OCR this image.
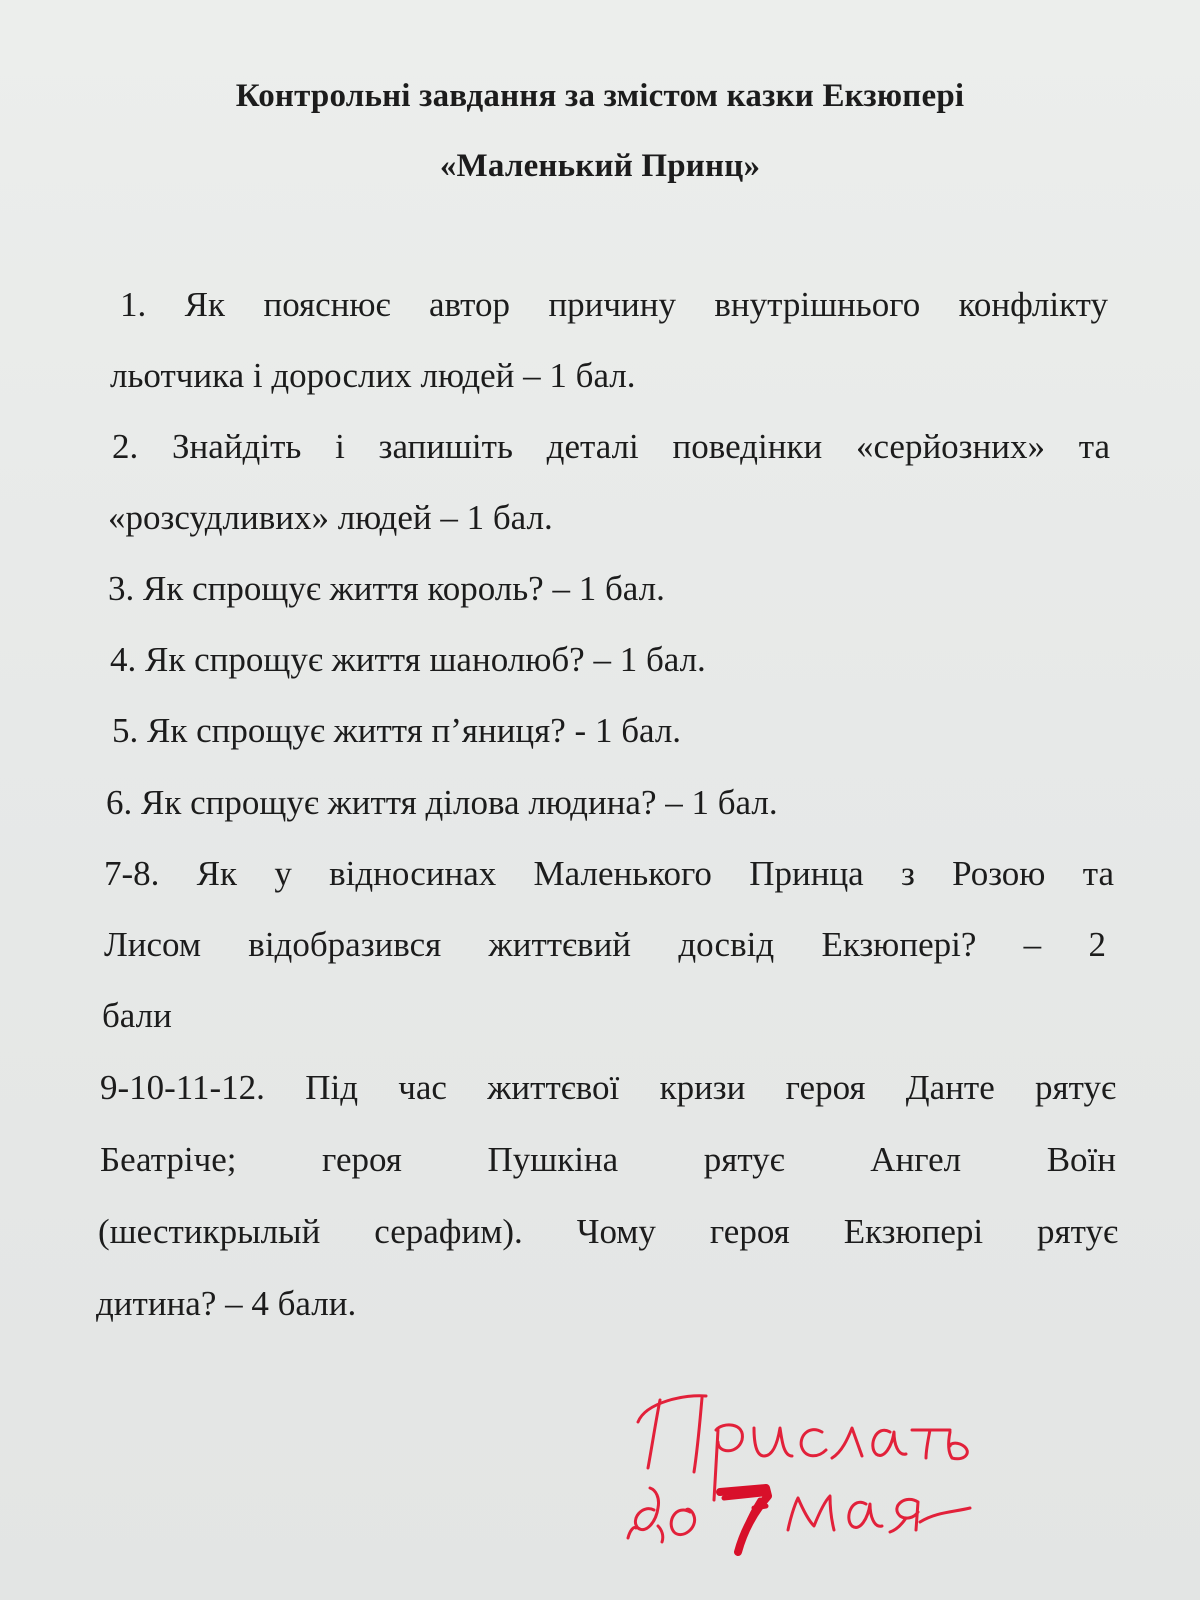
Контрольні завдання за змістом казки Екзюпері
«Маленький Принц»
1. Як пояснює автор причину внутрішнього конфлікту
льотчика і дорослих людей – 1 бал.
2. Знайдіть і запишіть деталі поведінки «серйозних» та
«розсудливих» людей – 1 бал.
3. Як спрощує життя король? – 1 бал.
4. Як спрощує життя шанолюб? – 1 бал.
5. Як спрощує життя п’яниця? - 1 бал.
6. Як спрощує життя ділова людина? – 1 бал.
7-8. Як у відносинах Маленького Принца з Розою та
Лисом відобразився життєвий досвід Екзюпері? – 2
бали
9-10-11-12. Під час життєвої кризи героя Данте рятує
Беатріче; героя Пушкіна рятує Ангел Воїн
(шестикрылый серафим). Чому героя Екзюпері рятує
дитина? – 4 бали.
